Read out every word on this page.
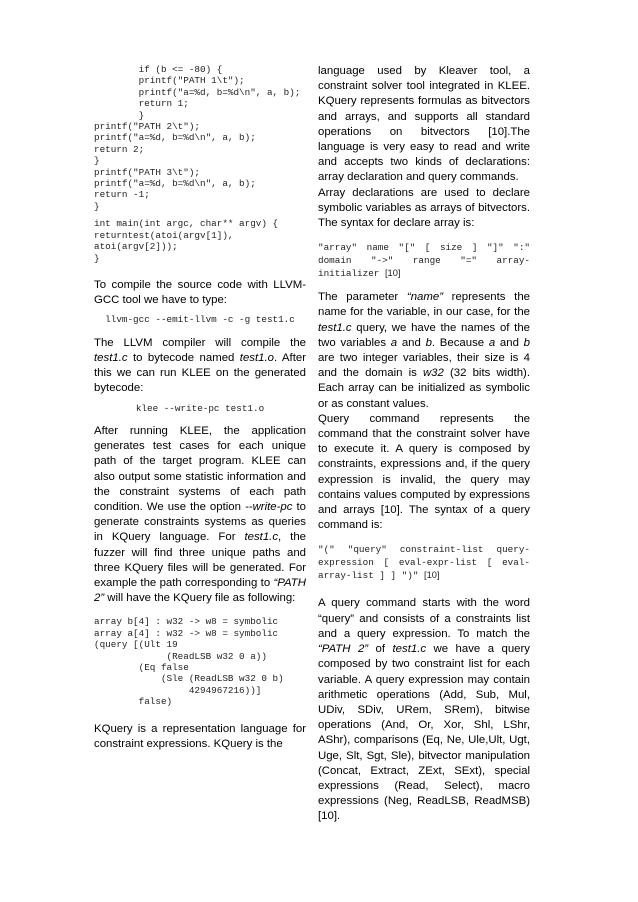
if (b <= -80) {
printf("PATH 1\t");
printf("a=%d, b=%d\n", a, b);
return 1;
}
printf("PATH 2\t");
printf("a=%d, b=%d\n", a, b);
return 2;
}
printf("PATH 3\t");
printf("a=%d, b=%d\n", a, b);
return -1;
}
int main(int argc, char** argv) {
returntest(atoi(argv[1]),
atoi(argv[2]));
}

To compile the source code with LLVM-GCC tool we have to type:

llvm-gcc --emit-llvm -c -g test1.c

The LLVM compiler will compile the test1.c to bytecode named test1.o. After this we can run KLEE on the generated bytecode:

klee --write-pc test1.o

After running KLEE, the application generates test cases for each unique path of the target program. KLEE can also output some statistic information and the constraint systems of each path condition. We use the option --write-pc to generate constraints systems as queries in KQuery language. For test1.c, the fuzzer will find three unique paths and three KQuery files will be generated. For example the path corresponding to “PATH 2” will have the KQuery file as following:

array b[4] : w32 -> w8 = symbolic
array a[4] : w32 -> w8 = symbolic
(query [(Ult 19
(ReadLSB w32 0 a))
(Eq false
(Sle (ReadLSB w32 0 b)
4294967216))]
false)

KQuery is a representation language for constraint expressions. KQuery is the

language used by Kleaver tool, a constraint solver tool integrated in KLEE. KQuery represents formulas as bitvectors and arrays, and supports all standard operations on bitvectors [10].The language is very easy to read and write and accepts two kinds of declarations: array declaration and query commands.

Array declarations are used to declare symbolic variables as arrays of bitvectors. The syntax for declare array is:

"array" name "[" [ size ] "]" ":" domain "->" range "=" array-initializer [10]

The parameter “name” represents the name for the variable, in our case, for the test1.c query, we have the names of the two variables a and b. Because a and b are two integer variables, their size is 4 and the domain is w32 (32 bits width). Each array can be initialized as symbolic or as constant values.

Query command represents the command that the constraint solver have to execute it. A query is composed by constraints, expressions and, if the query expression is invalid, the query may contains values computed by expressions and arrays [10]. The syntax of a query command is:

"(" "query" constraint-list query-expression [ eval-expr-list [ eval-array-list ] ] ")" [10]

A query command starts with the word “query” and consists of a constraints list and a query expression. To match the “PATH 2” of test1.c we have a query composed by two constraint list for each variable. A query expression may contain arithmetic operations (Add, Sub, Mul, UDiv, SDiv, URem, SRem), bitwise operations (And, Or, Xor, Shl, LShr, AShr), comparisons (Eq, Ne, Ule,Ult, Ugt, Uge, Slt, Sgt, Sle), bitvector manipulation (Concat, Extract, ZExt, SExt), special expressions (Read, Select), macro expressions (Neg, ReadLSB, ReadMSB) [10].
